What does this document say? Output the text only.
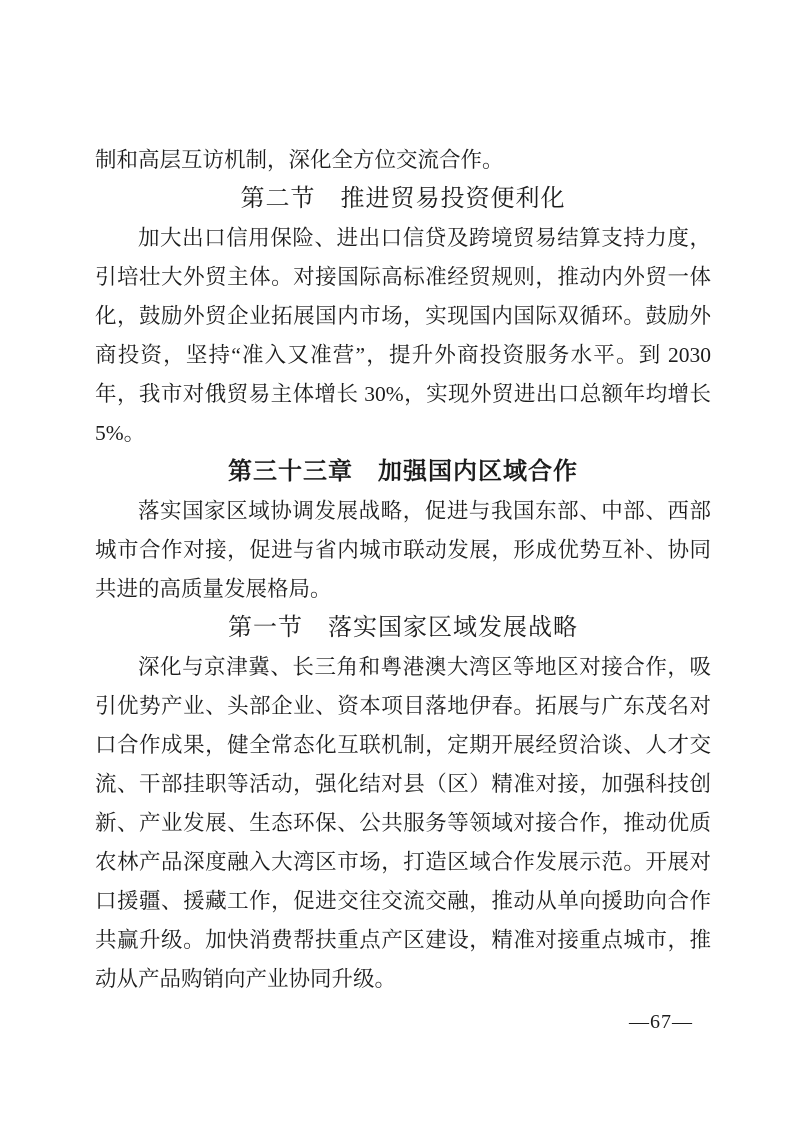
制和高层互访机制，深化全方位交流合作。
第二节　推进贸易投资便利化
加大出口信用保险、进出口信贷及跨境贸易结算支持力度，
引培壮大外贸主体。对接国际高标准经贸规则，推动内外贸一体
化，鼓励外贸企业拓展国内市场，实现国内国际双循环。鼓励外
商投资，坚持“准入又准营”，提升外商投资服务水平。到 2030
年，我市对俄贸易主体增长 30%，实现外贸进出口总额年均增长
5%。
第三十三章　加强国内区域合作
落实国家区域协调发展战略，促进与我国东部、中部、西部
城市合作对接，促进与省内城市联动发展，形成优势互补、协同
共进的高质量发展格局。
第一节　落实国家区域发展战略
深化与京津冀、长三角和粤港澳大湾区等地区对接合作，吸
引优势产业、头部企业、资本项目落地伊春。拓展与广东茂名对
口合作成果，健全常态化互联机制，定期开展经贸洽谈、人才交
流、干部挂职等活动，强化结对县（区）精准对接，加强科技创
新、产业发展、生态环保、公共服务等领域对接合作，推动优质
农林产品深度融入大湾区市场，打造区域合作发展示范。开展对
口援疆、援藏工作，促进交往交流交融，推动从单向援助向合作
共赢升级。加快消费帮扶重点产区建设，精准对接重点城市，推
动从产品购销向产业协同升级。
—67—
